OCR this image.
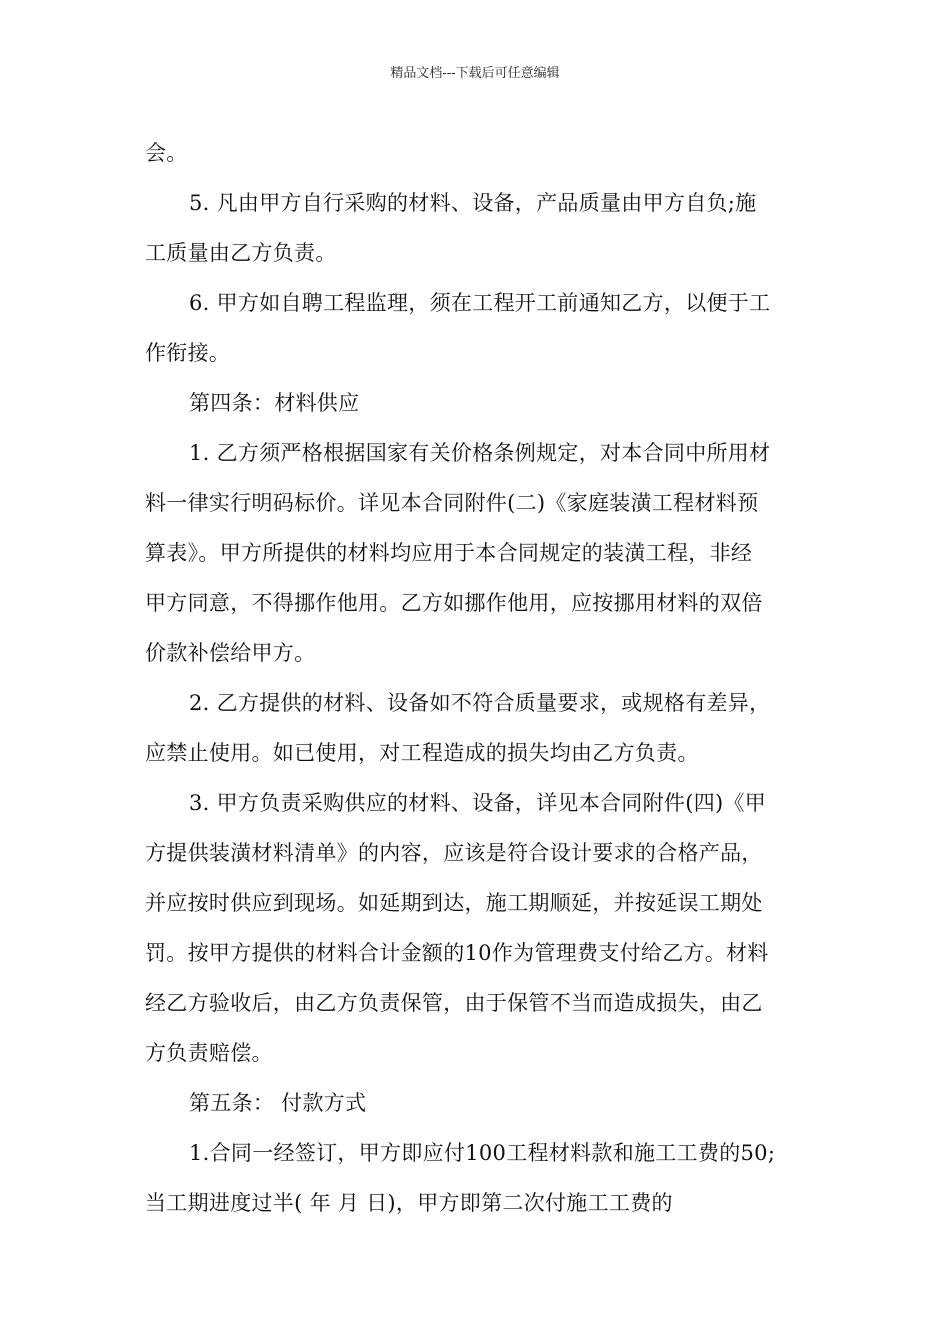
精品文档---下载后可任意编辑
会。
5. 凡由甲方自行采购的材料、设备，产品质量由甲方自负;施
工质量由乙方负责。
6. 甲方如自聘工程监理，须在工程开工前通知乙方，以便于工
作衔接。
第四条：材料供应
1. 乙方须严格根据国家有关价格条例规定，对本合同中所用材
料一律实行明码标价。详见本合同附件(二)《家庭装潢工程材料预
算表》。甲方所提供的材料均应用于本合同规定的装潢工程，非经
甲方同意，不得挪作他用。乙方如挪作他用，应按挪用材料的双倍
价款补偿给甲方。
2. 乙方提供的材料、设备如不符合质量要求，或规格有差异，
应禁止使用。如已使用，对工程造成的损失均由乙方负责。
3. 甲方负责采购供应的材料、设备，详见本合同附件(四)《甲
方提供装潢材料清单》的内容，应该是符合设计要求的合格产品，
并应按时供应到现场。如延期到达，施工期顺延，并按延误工期处
罚。按甲方提供的材料合计金额的10作为管理费支付给乙方。材料
经乙方验收后，由乙方负责保管，由于保管不当而造成损失，由乙
方负责赔偿。
第五条： 付款方式
1.合同一经签订，甲方即应付100工程材料款和施工工费的50;
当工期进度过半( 年 月 日)，甲方即第二次付施工工费的
